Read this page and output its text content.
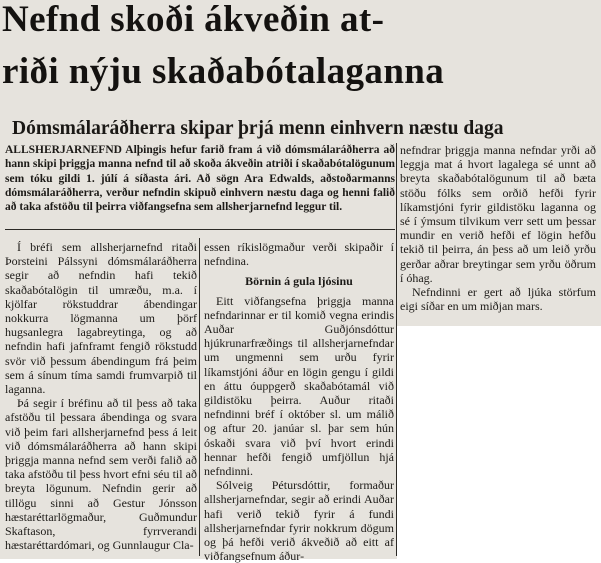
Nefnd skoði ákveðin at-
riði nýju skaðabótalaganna
Dómsmálaráðherra skipar þrjá menn einhvern næstu daga
ALLSHERJARNEFND Alþingis hefur farið fram á við dómsmálaráðherra að hann skipi þriggja manna nefnd til að skoða ákveðin atriði í skaðabótalögunum sem tóku gildi 1. júlí á síðasta ári. Að sögn Ara Edwalds, aðstoðarmanns dómsmálaráðherra, verður nefndin skipuð einhvern næstu daga og henni falið að taka afstöðu til þeirra viðfangsefna sem allsherjarnefnd leggur til.

Í bréfi sem allsherjarnefnd ritaði Þorsteini Pálssyni dómsmálaráðherra segir að nefndin hafi tekið skaðabótalögin til umræðu, m.a. í kjölfar rökstuddrar ábendingar nokkurra lögmanna um þörf hugsanlegra lagabreytinga, og að nefndin hafi jafnframt fengið rökstudd svör við þessum ábendingum frá þeim sem á sínum tíma samdi frumvarpið til laganna.

Þá segir í bréfinu að til þess að taka afstöðu til þessara ábendinga og svara við þeim fari allsherjarnefnd þess á leit við dómsmálaráðherra að hann skipi þriggja manna nefnd sem verði falið að taka afstöðu til þess hvort efni séu til að breyta lögunum. Nefndin gerir að tillögu sinni að Gestur Jónsson hæstaréttarlögmaður, Guðmundur Skaftason, fyrrverandi hæstaréttardómari, og Gunnlaugur Cla-

essen ríkislögmaður verði skipaðir í nefndina.

Börnin á gula ljósinu

Eitt viðfangsefna þriggja manna nefndarinnar er til komið vegna erindis Auðar Guðjónsdóttur hjúkrunarfræðings til allsherjarnefndar um ungmenni sem urðu fyrir líkamstjóni áður en lögin gengu í gildi en áttu óuppgerð skaðabótamál við gildistöku þeirra. Auður ritaði nefndinni bréf í október sl. um málið og aftur 20. janúar sl. þar sem hún óskaði svara við því hvort erindi hennar hefði fengið umfjöllun hjá nefndinni.

Sólveig Pétursdóttir, formaður allsherjarnefndar, segir að erindi Auðar hafi verið tekið fyrir á fundi allsherjarnefndar fyrir nokkrum dögum og þá hefði verið ákveðið að eitt af viðfangsefnum áður-

nefndrar þriggja manna nefndar yrði að leggja mat á hvort lagalega sé unnt að breyta skaðabótalögunum til að bæta stöðu fólks sem orðið hefði fyrir líkamstjóni fyrir gildistöku laganna og sé í ýmsum tilvikum verr sett um þessar mundir en verið hefði ef lögin hefðu tekið til þeirra, án þess að um leið yrðu gerðar aðrar breytingar sem yrðu öðrum í óhag.

Nefndinni er gert að ljúka störfum eigi síðar en um miðjan mars.
